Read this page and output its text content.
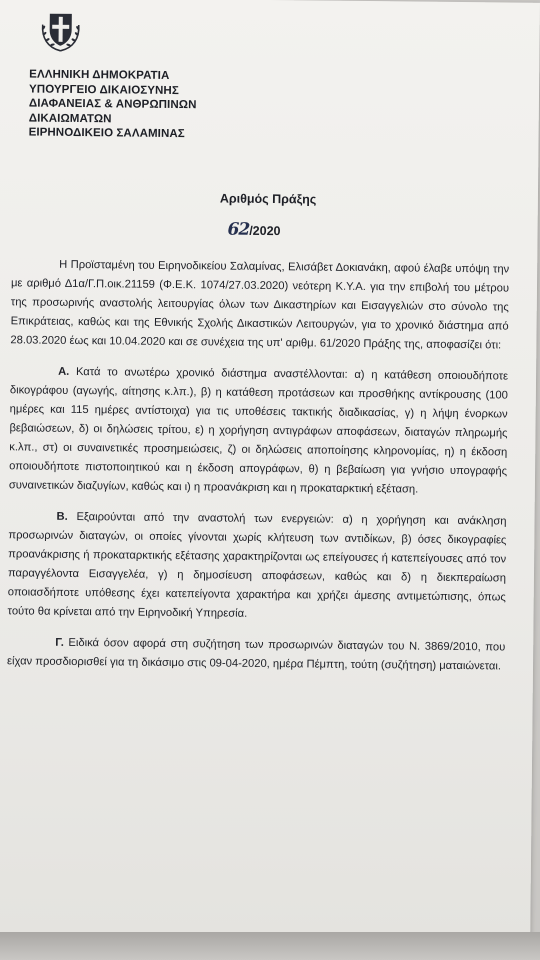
ΕΛΛΗΝΙΚΗ ΔΗΜΟΚΡΑΤΙΑ
ΥΠΟΥΡΓΕΙΟ ΔΙΚΑΙΟΣΥΝΗΣ
ΔΙΑΦΑΝΕΙΑΣ & ΑΝΘΡΩΠΙΝΩΝ
ΔΙΚΑΙΩΜΑΤΩΝ
ΕΙΡΗΝΟΔΙΚΕΙΟ ΣΑΛΑΜΙΝΑΣ
Αριθμός Πράξης
62/2020

Η Προϊσταμένη του Ειρηνοδικείου Σαλαμίνας, Ελισάβετ Δοκιανάκη, αφού έλαβε υπόψη την με αριθμό Δ1α/Γ.Π.οικ.21159 (Φ.Ε.Κ. 1074/27.03.2020) νεότερη Κ.Υ.Α. για την επιβολή του μέτρου της προσωρινής αναστολής λειτουργίας όλων των Δικαστηρίων και Εισαγγελιών στο σύνολο της Επικράτειας, καθώς και της Εθνικής Σχολής Δικαστικών Λειτουργών, για το χρονικό διάστημα από 28.03.2020 έως και 10.04.2020 και σε συνέχεια της υπ' αριθμ. 61/2020 Πράξης της, αποφασίζει ότι:

Α. Κατά το ανωτέρω χρονικό διάστημα αναστέλλονται: α) η κατάθεση οποιουδήποτε δικογράφου (αγωγής, αίτησης κ.λπ.), β) η κατάθεση προτάσεων και προσθήκης αντίκρουσης (100 ημέρες και 115 ημέρες αντίστοιχα) για τις υποθέσεις τακτικής διαδικασίας, γ) η λήψη ένορκων βεβαιώσεων, δ) οι δηλώσεις τρίτου, ε) η χορήγηση αντιγράφων αποφάσεων, διαταγών πληρωμής κ.λπ., στ) οι συναινετικές προσημειώσεις, ζ) οι δηλώσεις αποποίησης κληρονομίας, η) η έκδοση οποιουδήποτε πιστοποιητικού και η έκδοση απογράφων, θ) η βεβαίωση για γνήσιο υπογραφής συναινετικών διαζυγίων, καθώς και ι) η προανάκριση και η προκαταρκτική εξέταση.

Β. Εξαιρούνται από την αναστολή των ενεργειών: α) η χορήγηση και ανάκληση προσωρινών διαταγών, οι οποίες γίνονται χωρίς κλήτευση των αντιδίκων, β) όσες δικογραφίες προανάκρισης ή προκαταρκτικής εξέτασης χαρακτηρίζονται ως επείγουσες ή κατεπείγουσες από τον παραγγέλοντα Εισαγγελέα, γ) η δημοσίευση αποφάσεων, καθώς και δ) η διεκπεραίωση οποιασδήποτε υπόθεσης έχει κατεπείγοντα χαρακτήρα και χρήζει άμεσης αντιμετώπισης, όπως τούτο θα κρίνεται από την Ειρηνοδική Υπηρεσία.

Γ. Ειδικά όσον αφορά στη συζήτηση των προσωρινών διαταγών του Ν. 3869/2010, που είχαν προσδιορισθεί για τη δικάσιμο στις 09-04-2020, ημέρα Πέμπτη, τούτη (συζήτηση) ματαιώνεται.
